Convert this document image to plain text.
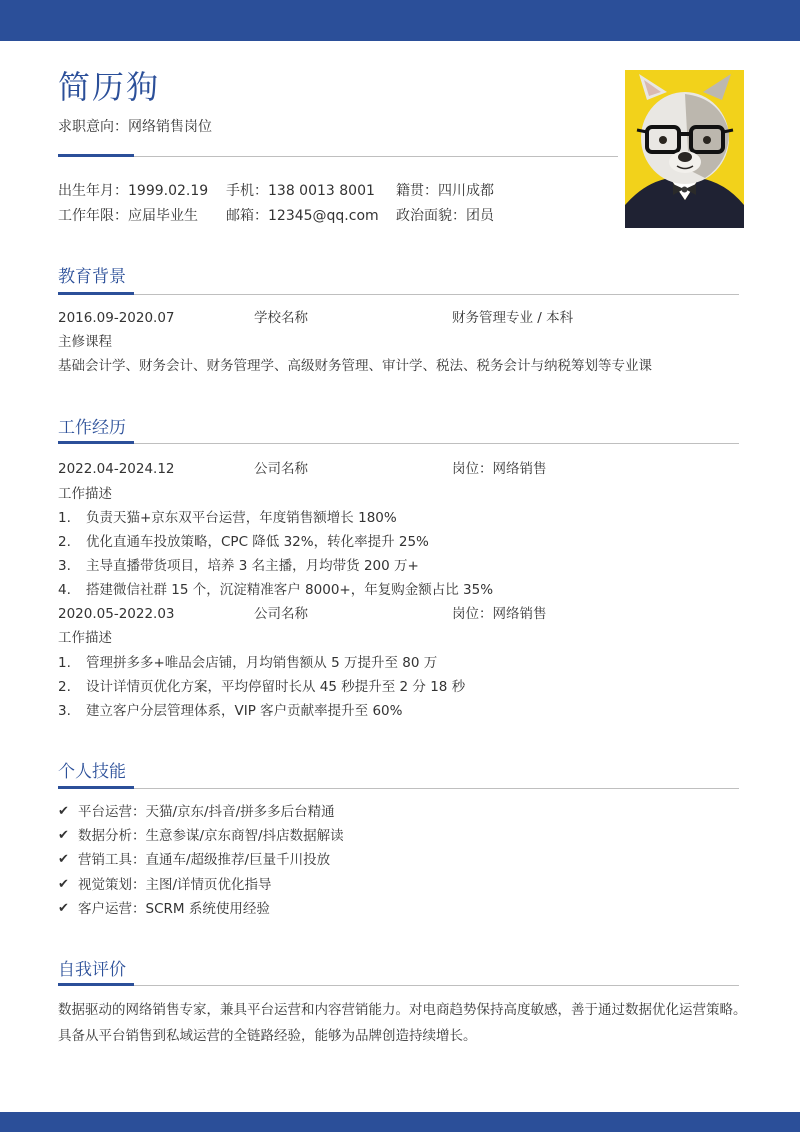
简历狗
求职意向：网络销售岗位
出生年月：1999.02.19 手机：138 0013 8001 籍贯：四川成都
工作年限：应届毕业生 邮箱：12345@qq.com 政治面貌：团员
教育背景
2016.09-2020.07	学校名称	财务管理专业 / 本科
主修课程
基础会计学、财务会计、财务管理学、高级财务管理、审计学、税法、税务会计与纳税筹划等专业课
工作经历
2022.04-2024.12	公司名称	岗位：网络销售
工作描述
1. 负责天猫+京东双平台运营，年度销售额增长 180%
2. 优化直通车投放策略，CPC 降低 32%，转化率提升 25%
3. 主导直播带货项目，培养 3 名主播，月均带货 200 万+
4. 搭建微信社群 15 个，沉淀精准客户 8000+，年复购金额占比 35%
2020.05-2022.03	公司名称	岗位：网络销售
工作描述
1. 管理拼多多+唯品会店铺，月均销售额从 5 万提升至 80 万
2. 设计详情页优化方案，平均停留时长从 45 秒提升至 2 分 18 秒
3. 建立客户分层管理体系，VIP 客户贡献率提升至 60%
个人技能
✔ 平台运营：天猫/京东/抖音/拼多多后台精通
✔ 数据分析：生意参谋/京东商智/抖店数据解读
✔ 营销工具：直通车/超级推荐/巨量千川投放
✔ 视觉策划：主图/详情页优化指导
✔ 客户运营：SCRM 系统使用经验
自我评价
数据驱动的网络销售专家，兼具平台运营和内容营销能力。对电商趋势保持高度敏感，善于通过数据优化运营策略。具备从平台销售到私域运营的全链路经验，能够为品牌创造持续增长。
